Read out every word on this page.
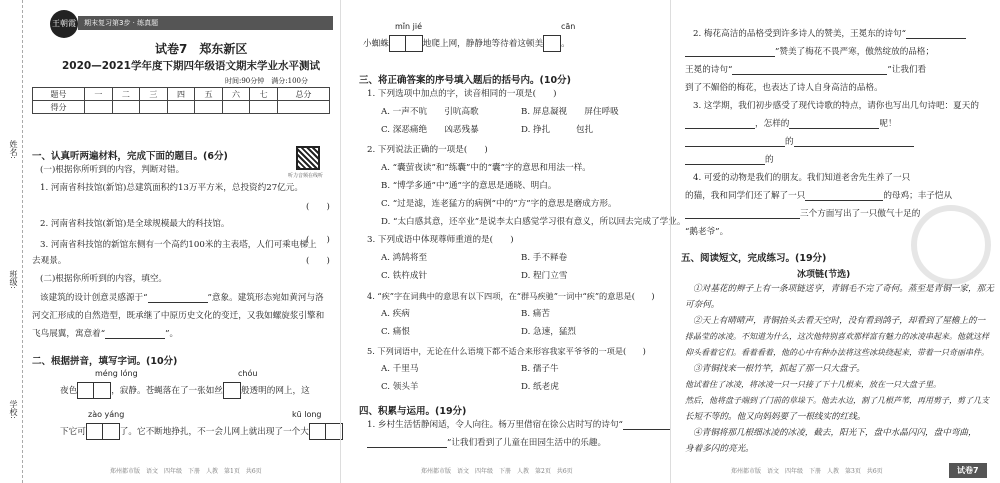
姓名:
班级:
学校:
王朝霞	期末复习第3步 · 练真题
试卷7　 郑东新区
2020—2021学年度下期四年级语文期末学业水平测试
时间:90分钟　满分:100分
题号	一	二	三	四	五	六	七	总分
得分								
听力音频在线听
一、认真听两遍材料，完成下面的题目。(6分)
(一)根据你所听到的内容，判断对错。
1. 河南省科技馆(新馆)总建筑面积约13万平方米，总投资约27亿元。
(　　)
2. 河南省科技馆(新馆)是全球规模最大的科技馆。
(　　)
3. 河南省科技馆的新馆东侧有一个高约100米的主表塔，人们可乘电梯上
去观景。	(　　)
(二)根据你所听到的内容，填空。
该建筑的设计创意灵感源于“	”意象。建筑形态宛如黄河与洛
河交汇形成的自然造型，既承继了中原历史文化的变迁，又我如螺旋浆引擎和
飞鸟展翼，寓意着“	”。
二、根据拼音，填写字词。(10分)
méng lóng	chóu
夜色	，寂静。苍蝇落在了一张如丝 般透明的网上，这
zào yáng	kū long
下它可	了。它不断地挣扎，不一会儿网上就出现了一个大
郑州都市版　语文　四年级　下册　人教　第1页　共6页
mǐn jié	cān
小蜘蛛	地爬上网，静静地等待着这顿美 。
三、将正确答案的序号填入题后的括号内。(10分)
1. 下列选项中加点的字，读音相同的一项是(　　)
A. 一声不吭　　 引吭高歌	B. 屏息凝视　　 屏住呼吸
C. 深恶痛绝　　 凶恶残暴	D. 挣扎　　　	包扎
2. 下列说法正确的一项是(　　)
A. “囊萤夜读”和“练囊”中的“囊”字的意思和用法一样。
B. “博学多通”中“通”字的意思是通晓、明白。
C. “过是滤，连老猛方的病例”中的“方”字的意思是磨成方形。
D. “太白感其意，还卒业”是说李太白感觉学习很有意义，所以回去完成了学业。
3. 下列成语中体现尊师重道的是(　　)
A. 鸿鹄将至	B. 手不释卷
C. 铁杵成针	D. 程门立雪
4. “疾”字在词典中的意思有以下四项，在“群马疾驰”一词中“疾”的意思是(　　)
A. 疾病	B. 痛苦
C. 痛恨	D. 急速，猛烈
5. 下列词语中，无论在什么语境下都不适合来形容我家平爷爷的一项是(　　)
A. 千里马	B. 孺子牛
C. 领头羊	D. 纸老虎
四、积累与运用。(19分)
1. 乡村生活恬静闲适，令人向往。杨万里借宿在徐公店时写的诗句“
”让我们看到了儿童在田园生活中的乐趣。
郑州都市版　语文　四年级　下册　人教　第2页　共6页
2. 梅花高洁的品格受到许多诗人的赞美，王冕东的诗句“
”赞美了梅花不畏严寒，傲然绽放的品格；
王冕的诗句“	”让我们看
到了不媚俗的梅花，也表达了诗人自身高洁的品格。
3. 这学期，我们初步感受了现代诗歌的特点，请你也写出几句诗吧：夏天的
，怎样的	呢！
的
的
4. 可爱的动物是我们的朋友。我们知道老舍先生养了一只
的猫，我和同学们还了解了一只	的母鸡；丰子恺从
三个方面写出了一只傲气十足的
“鹅老爷”。
五、阅读短文，完成练习。(19分)
冰项链(节选)
①对基花的辫子上有一条项链送亨，青钢毛不完了奇何。蒸至是青铜一家，那无
可奈何。
②天上有晴晴声，青铜抬头去看天空时，没有看到鸽子，却看到了屋檐上的一
排晶莹的冰凌。不知道为什么，这次他特别喜欢那样富有魅力的冰凌串起来。他就这样
仰头看着它们。看着看着，他的心中有种办法将这些冰块绕起来，带着一只奇丽串件。
③青铜找来一根竹竿，抓起了那一只大盘子。
他试着住了冰凌，将冰凌一只一只接了下十几根来，放在一只大盘子里。
然后，他将盘子端到了门前的草垛下。他去水边，割了几根芦苇，再用剪子，剪了几支
长短不等的。他又向妈妈要了一根线实的红线。
④青铜将那几根细冰凌的冰凌，截去，阳光下，盘中水晶闪闪，盘中弯曲，
身着多闪的亮光。
郑州都市版　语文　四年级　下册　人教　第3页　共6页	试卷7
